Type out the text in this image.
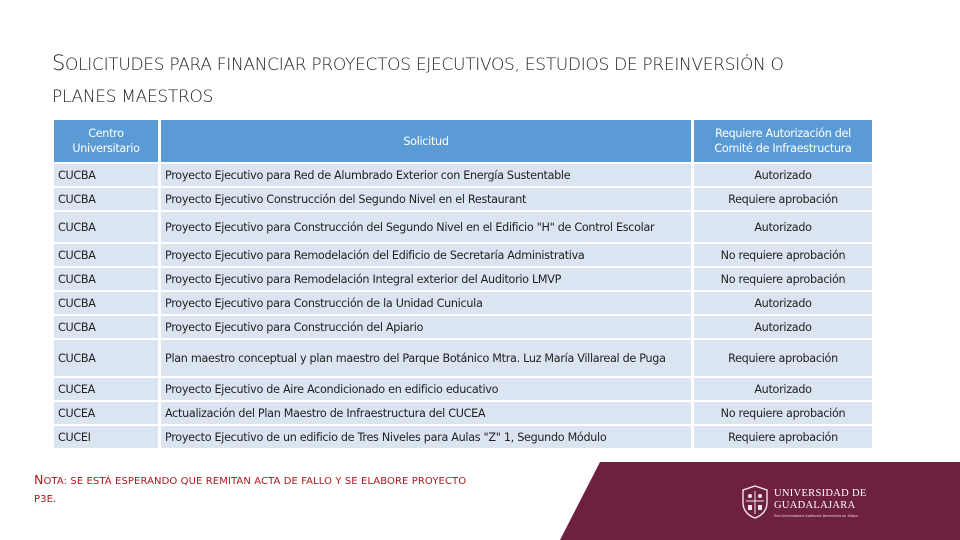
SOLICITUDES PARA FINANCIAR PROYECTOS EJECUTIVOS, ESTUDIOS DE PREINVERSIÓN O
PLANES MAESTROS
Centro Universitario	Solicitud	Requiere Autorización del Comité de Infraestructura
CUCBA	Proyecto Ejecutivo para Red de Alumbrado Exterior con Energía Sustentable	Autorizado
CUCBA	Proyecto Ejecutivo Construcción del Segundo Nivel en el Restaurant	Requiere aprobación
CUCBA	Proyecto Ejecutivo para Construcción del Segundo Nivel en el Edificio "H" de Control Escolar	Autorizado
CUCBA	Proyecto Ejecutivo para Remodelación del Edificio de Secretaría Administrativa	No requiere aprobación
CUCBA	Proyecto Ejecutivo para Remodelación Integral exterior del Auditorio LMVP	No requiere aprobación
CUCBA	Proyecto Ejecutivo para Construcción de la Unidad Cunicula	Autorizado
CUCBA	Proyecto Ejecutivo para Construcción del Apiario	Autorizado
CUCBA	Plan maestro conceptual y plan maestro del Parque Botánico Mtra. Luz María Villareal de Puga	Requiere aprobación
CUCEA	Proyecto Ejecutivo de Aire Acondicionado en edificio educativo	Autorizado
CUCEA	Actualización del Plan Maestro de Infraestructura del CUCEA	No requiere aprobación
CUCEI	Proyecto Ejecutivo de un edificio de Tres Niveles para Aulas "Z" 1, Segundo Módulo	Requiere aprobación
NOTA: SE ESTÁ ESPERANDO QUE REMITAN ACTA DE FALLO Y SE ELABORE PROYECTO
P3E.
UNIVERSIDAD DE
GUADALAJARA
Red Universitaria e Institución Benemérita de Jalisco
